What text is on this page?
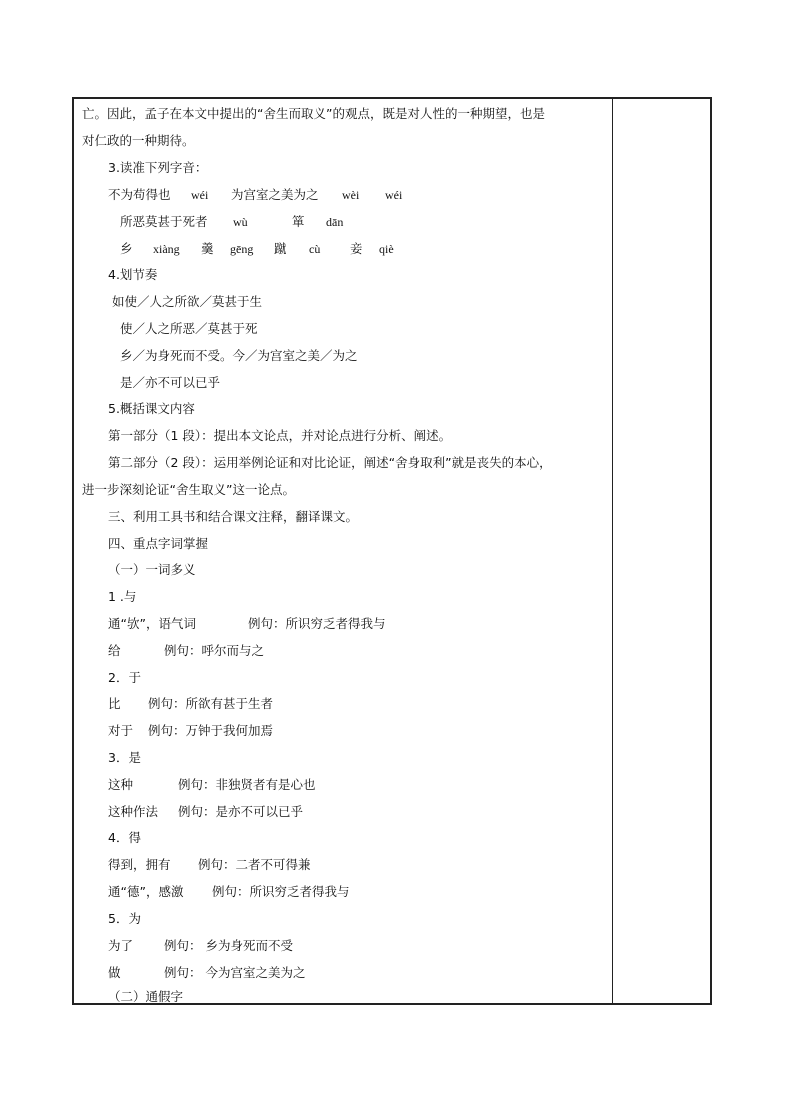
亡。因此，孟子在本文中提出的“舍生而取义”的观点，既是对人性的一种期望，也是
对仁政的一种期待。
3.读准下列字音：
不为苟得也 wéi 为宫室之美为之 wèi wéi
所恶莫甚于死者 wù	箪 dān
乡 xiàng 羹 gēng 蹴 cù 妾 qiè
4.划节奏
如使／人之所欲／莫甚于生
使／人之所恶／莫甚于死
乡／为身死而不受。今／为宫室之美／为之
是／亦不可以已乎
5.概括课文内容
第一部分（1 段）：提出本文论点，并对论点进行分析、阐述。
第二部分（2 段）：运用举例论证和对比论证，阐述“舍身取利”就是丧失的本心，
进一步深刻论证“舍生取义”这一论点。
三、利用工具书和结合课文注释，翻译课文。
四、重点字词掌握
（一）一词多义
1 .与
通“欤”，语气词	例句：所识穷乏者得我与
给	例句：呼尔而与之
2．于
比 例句：所欲有甚于生者
对于 例句：万钟于我何加焉
3．是
这种	例句：非独贤者有是心也
这种作法 例句：是亦不可以已乎
4．得
得到，拥有 例句：二者不可得兼
通“德”，感激 例句：所识穷乏者得我与
5．为
为了 例句： 乡为身死而不受
做	例句： 今为宫室之美为之
（二）通假字
